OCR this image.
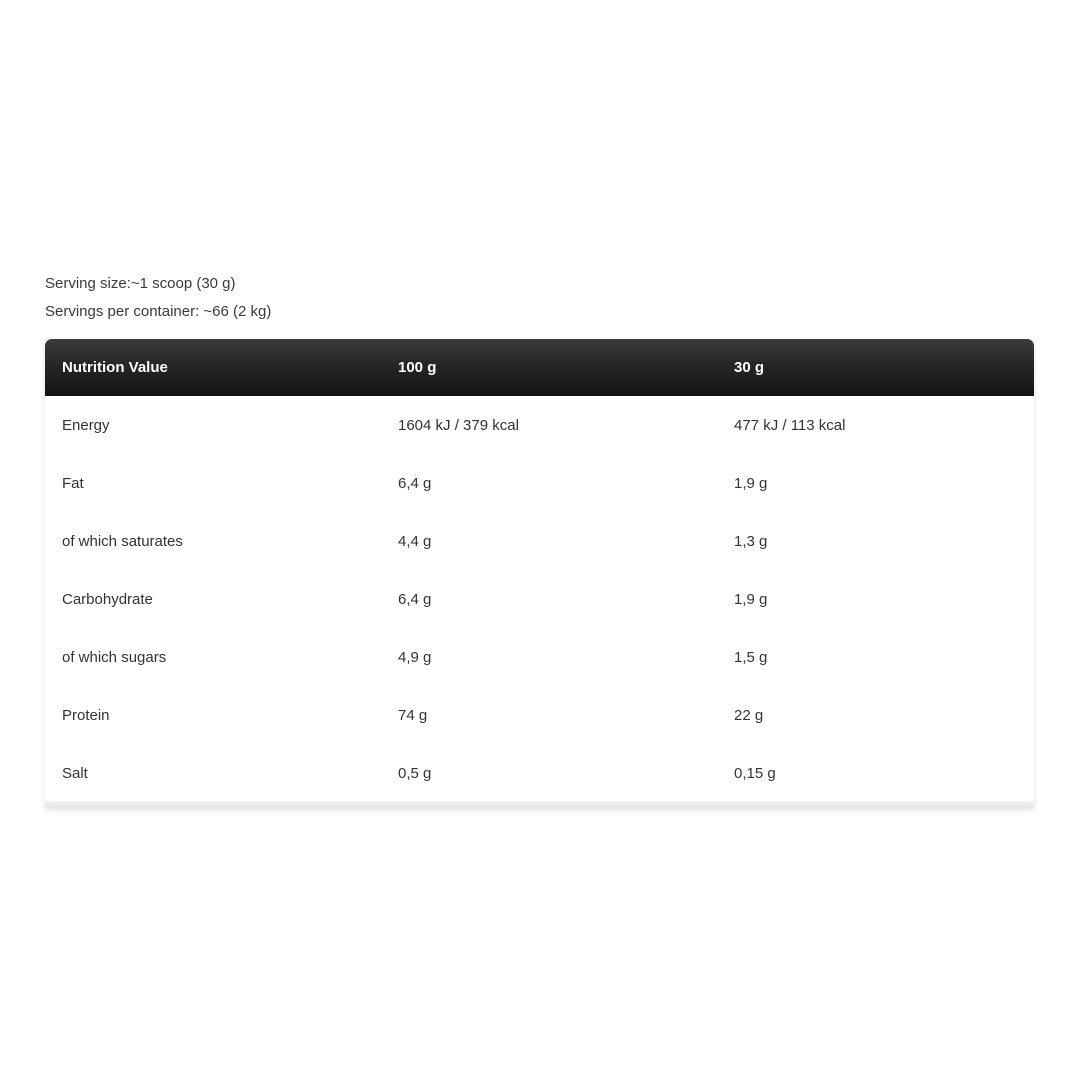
Serving size:~1 scoop (30 g)
Servings per container: ~66 (2 kg)
Nutrition Value	100 g	30 g
Energy	1604 kJ / 379 kcal	477 kJ / 113 kcal
Fat	6,4 g	1,9 g
of which saturates	4,4 g	1,3 g
Carbohydrate	6,4 g	1,9 g
of which sugars	4,9 g	1,5 g
Protein	74 g	22 g
Salt	0,5 g	0,15 g
